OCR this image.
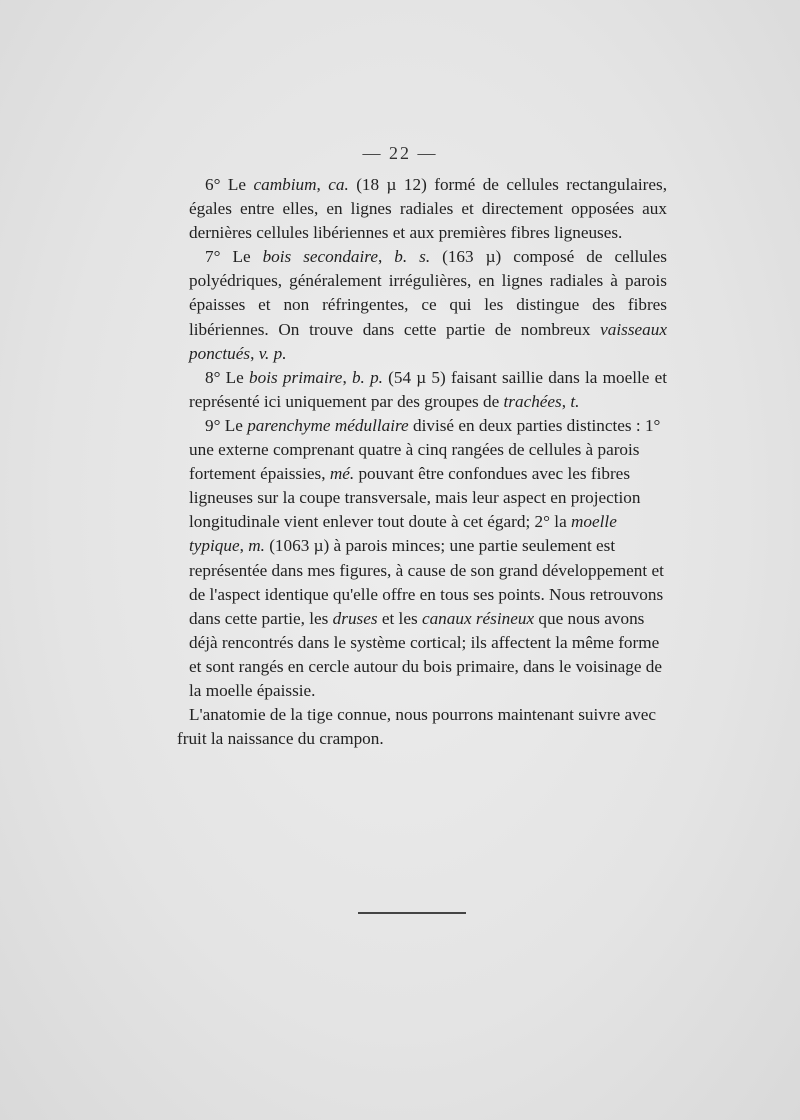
— 22 —

6° Le cambium, ca. (18 µ 12) formé de cellules rectangulaires, égales entre elles, en lignes radiales et directement opposées aux dernières cellules libériennes et aux premières fibres ligneuses.

7° Le bois secondaire, b. s. (163 µ) composé de cellules polyédriques, généralement irrégulières, en lignes radiales à parois épaisses et non réfringentes, ce qui les distingue des fibres libériennes. On trouve dans cette partie de nombreux vaisseaux ponctués, v. p.

8° Le bois primaire, b. p. (54 µ 5) faisant saillie dans la moelle et représenté ici uniquement par des groupes de trachées, t.

9° Le parenchyme médullaire divisé en deux parties distinctes : 1° une externe comprenant quatre à cinq rangées de cellules à parois fortement épaissies, mé. pouvant être confondues avec les fibres ligneuses sur la coupe transversale, mais leur aspect en projection longitudinale vient enlever tout doute à cet égard; 2° la moelle typique, m. (1063 µ) à parois minces; une partie seulement est représentée dans mes figures, à cause de son grand développement et de l'aspect identique qu'elle offre en tous ses points. Nous retrouvons dans cette partie, les druses et les canaux résineux que nous avons déjà rencontrés dans le système cortical; ils affectent la même forme et sont rangés en cercle autour du bois primaire, dans le voisinage de la moelle épaissie.

L'anatomie de la tige connue, nous pourrons maintenant suivre avec fruit la naissance du crampon.
